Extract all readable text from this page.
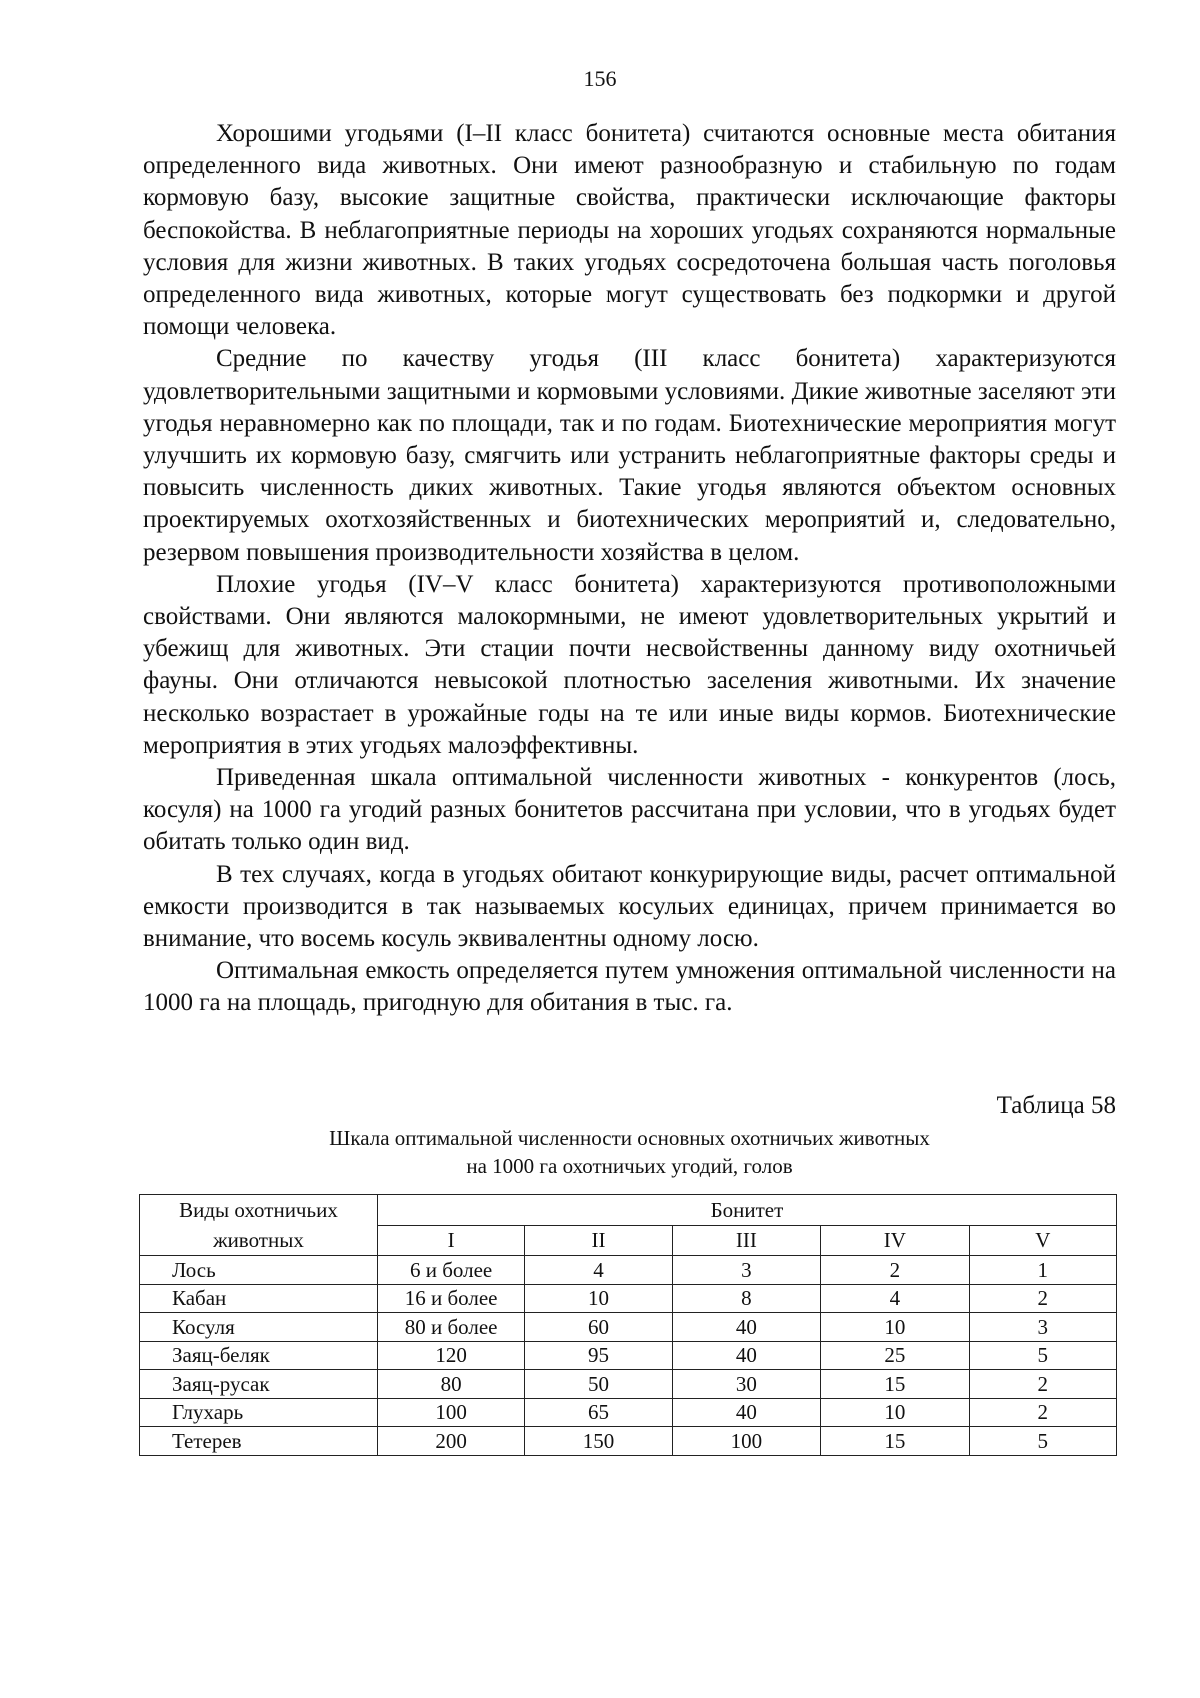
156

Хорошими угодьями (I–II класс бонитета) считаются основные места обитания определенного вида животных. Они имеют разнообразную и стабильную по годам кормовую базу, высокие защитные свойства, практически исключающие факторы беспокойства. В неблагоприятные периоды на хороших угодьях сохраняются нормальные условия для жизни животных. В таких угодьях сосредоточена большая часть поголовья определенного вида животных, которые могут существовать без подкормки и другой помощи человека.

Средние по качеству угодья (III класс бонитета) характеризуются удовлетворительными защитными и кормовыми условиями. Дикие животные заселяют эти угодья неравномерно как по площади, так и по годам. Биотехнические мероприятия могут улучшить их кормовую базу, смягчить или устранить неблагоприятные факторы среды и повысить численность диких животных. Такие угодья являются объектом основных проектируемых охотхозяйственных и биотехнических мероприятий и, следовательно, резервом повышения производительности хозяйства в целом.

Плохие угодья (IV–V класс бонитета) характеризуются противоположными свойствами. Они являются малокормными, не имеют удовлетворительных укрытий и убежищ для животных. Эти стации почти несвойственны данному виду охотничьей фауны. Они отличаются невысокой плотностью заселения животными. Их значение несколько возрастает в урожайные годы на те или иные виды кормов. Биотехнические мероприятия в этих угодьях малоэффективны.

Приведенная шкала оптимальной численности животных - конкурентов (лось, косуля) на 1000 га угодий разных бонитетов рассчитана при условии, что в угодьях будет обитать только один вид.

В тех случаях, когда в угодьях обитают конкурирующие виды, расчет оптимальной емкости производится в так называемых косульих единицах, причем принимается во внимание, что восемь косуль эквивалентны одному лосю.

Оптимальная емкость определяется путем умножения оптимальной численности на 1000 га на площадь, пригодную для обитания в тыс. га.

Таблица 58
Шкала оптимальной численности основных охотничьих животных
на 1000 га охотничьих угодий, голов
Виды охотничьих животных	Бонитет				
	I	II	III	IV	V
Лось	6 и более	4	3	2	1
Кабан	16 и более	10	8	4	2
Косуля	80 и более	60	40	10	3
Заяц-беляк	120	95	40	25	5
Заяц-русак	80	50	30	15	2
Глухарь	100	65	40	10	2
Тетерев	200	150	100	15	5
